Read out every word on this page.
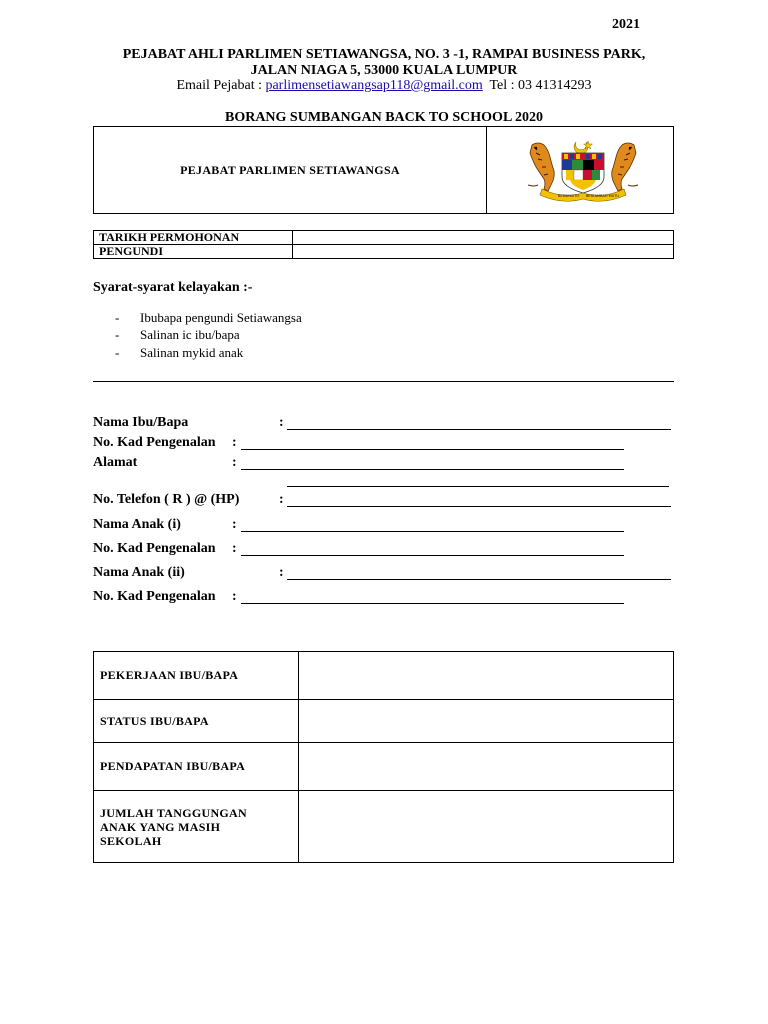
2021
PEJABAT AHLI PARLIMEN SETIAWANGSA, NO. 3 -1, RAMPAI BUSINESS PARK,
JALAN NIAGA 5, 53000 KUALA LUMPUR
Email Pejabat : parlimensetiawangsap118@gmail.com  Tel : 03 41314293
BORANG SUMBANGAN BACK TO SCHOOL 2020
PEJABAT PARLIMEN SETIAWANGSA
BERSEKUTU BERTAMBAH MUTU
TARIKH PERMOHONAN	
PENGUNDI	
Syarat-syarat kelayakan :-
- Ibubapa pengundi Setiawangsa
- Salinan ic ibu/bapa
- Salinan mykid anak
Nama Ibu/Bapa	:
No. Kad Pengenalan :
Alamat	:
No. Telefon ( R ) @ (HP)	:
Nama Anak (i)	:
No. Kad Pengenalan :
Nama Anak (ii)	:
No. Kad Pengenalan :
PEKERJAAN IBU/BAPA	
STATUS IBU/BAPA	
PENDAPATAN IBU/BAPA	
JUMLAH TANGGUNGAN ANAK YANG MASIH SEKOLAH	
